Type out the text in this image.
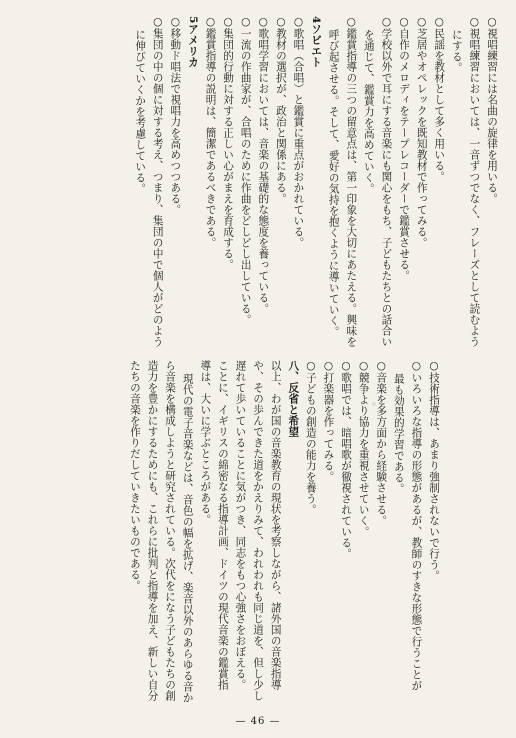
○視唱練習には名曲の旋律を用いる。
○視唱練習においては、一音ずつでなく、フレーズとして読むよう
にする。
○民謡を教材として多く用いる。
○芝居やオペレックを既知教材で作ってみる。
○自作のメロディをテープレコーダーで鑑賞させる。
○学校以外で耳にする音楽にも関心をもち、子どもたちとの話合い
を通じて、鑑賞力を高めていく。
○鑑賞指導の三つの留意点は、第一印象を大切にあたえる。興味を
呼び起させる。そして、愛好の気持を抱くように導いていく。
4ソビエト
○歌唱（合唱）と鑑賞に重点がおかれている。
○教材の選択が、政治と関係にある。
○歌唱学習においては、音楽の基礎的な態度を養っている。
○一流の作曲家が、合唱のために作曲をどしどし出している。
○集団的行動に対する正しい心がまえを育成する。
○鑑賞指導の説明は、簡潔であるべきである。
5アメリカ
○移動ド唱法で視唱力を高めつつある。
○集団の中の個に対する考え、つまり、集団の中で個人がどのよう
に伸びていくかを考慮している。
○技術指導は、あまり強制されないで行う。
○いろいろな指導の形態があるが、教師のすきな形態で行うことが
最も効果的学習である。
○音楽を多方面から経験させる。
○競争より協力を重視させていく。
○歌唱では、暗唱歌が徹視されている。
○打楽器を作ってみる。
○子どもの創造の能力を養う。
八、反省と希望
以上、わが国の音楽教育の現状を考察しながら、諸外国の音楽指導
や、その歩んできた道をかえりみて、われわれも同じ道を、但し少し
遅れて歩いていることに気がつき、同志をもつ心強さをおぼえる。
ことに、イギリスの綿密なる指導計画、ドイツの現代音楽の鑑賞指
導は、大いに学ぶところがある。
現代の電子音楽などは、音色の幅を拡げ、楽音以外のあらゆる音か
ら音楽を構成しようと研究されている。次代をになう子どもたちの創
造力を豊かにするためにも、これらに批判と指導を加え、新しい自分
たちの音楽を作りだしていきたいものである。
— 46 —
